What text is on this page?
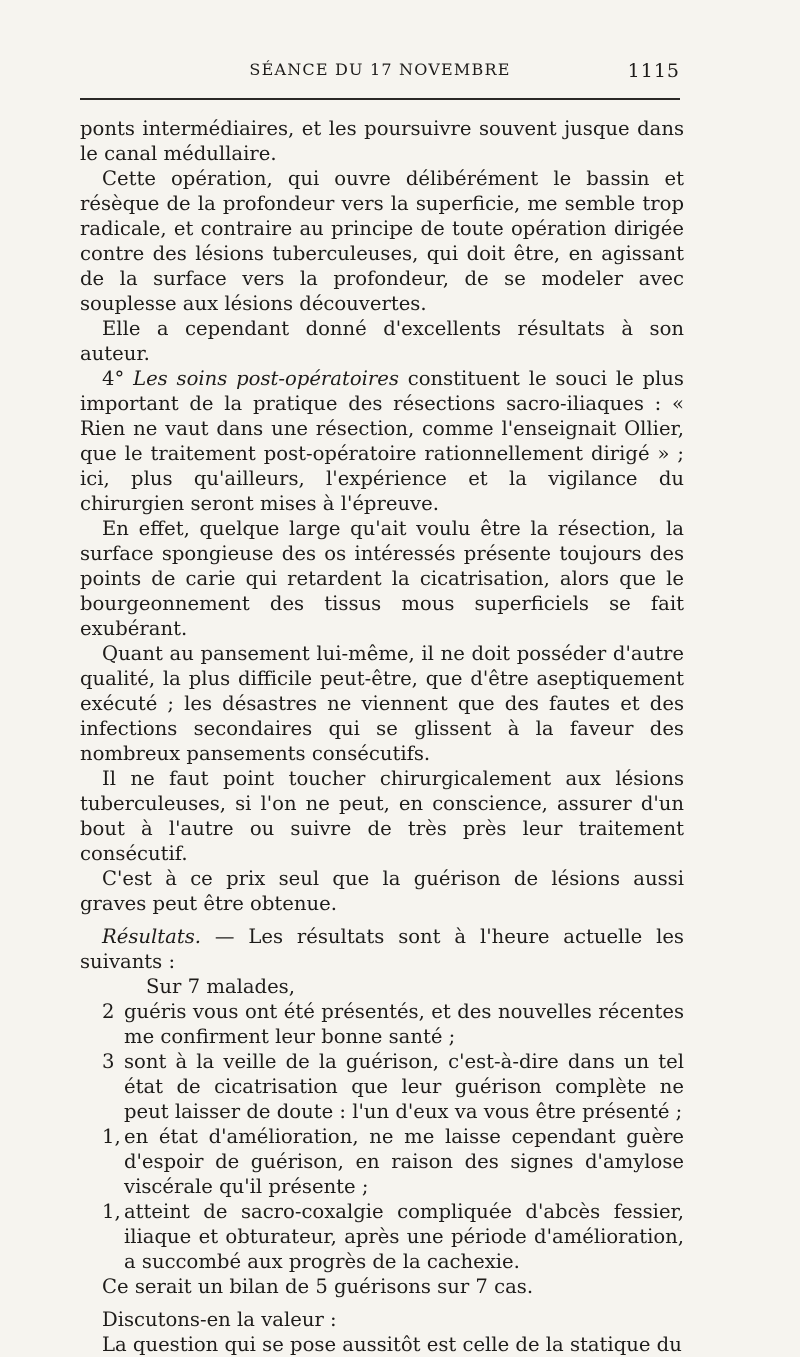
SÉANCE DU 17 NOVEMBRE	1115

ponts intermédiaires, et les poursuivre souvent jusque dans le canal médullaire.

Cette opération, qui ouvre délibérément le bassin et résèque de la profondeur vers la superficie, me semble trop radicale, et contraire au principe de toute opération dirigée contre des lésions tuberculeuses, qui doit être, en agissant de la surface vers la profondeur, de se modeler avec souplesse aux lésions découvertes.

Elle a cependant donné d'excellents résultats à son auteur.

4° Les soins post-opératoires constituent le souci le plus important de la pratique des résections sacro-iliaques : « Rien ne vaut dans une résection, comme l'enseignait Ollier, que le traitement post-opératoire rationnellement dirigé » ; ici, plus qu'ailleurs, l'expérience et la vigilance du chirurgien seront mises à l'épreuve.

En effet, quelque large qu'ait voulu être la résection, la surface spongieuse des os intéressés présente toujours des points de carie qui retardent la cicatrisation, alors que le bourgeonnement des tissus mous superficiels se fait exubérant.

Quant au pansement lui-même, il ne doit posséder d'autre qualité, la plus difficile peut-être, que d'être aseptiquement exécuté ; les désastres ne viennent que des fautes et des infections secondaires qui se glissent à la faveur des nombreux pansements consécutifs.

Il ne faut point toucher chirurgicalement aux lésions tuberculeuses, si l'on ne peut, en conscience, assurer d'un bout à l'autre ou suivre de très près leur traitement consécutif.

C'est à ce prix seul que la guérison de lésions aussi graves peut être obtenue.

Résultats. — Les résultats sont à l'heure actuelle les suivants :

Sur 7 malades,

2 guéris vous ont été présentés, et des nouvelles récentes me confirment leur bonne santé ;

3 sont à la veille de la guérison, c'est-à-dire dans un tel état de cicatrisation que leur guérison complète ne peut laisser de doute : l'un d'eux va vous être présenté ;

1, en état d'amélioration, ne me laisse cependant guère d'espoir de guérison, en raison des signes d'amylose viscérale qu'il présente ;

1, atteint de sacro-coxalgie compliquée d'abcès fessier, iliaque et obturateur, après une période d'amélioration, a succombé aux progrès de la cachexie.

Ce serait un bilan de 5 guérisons sur 7 cas.

Discutons-en la valeur :

La question qui se pose aussitôt est celle de la statique du
